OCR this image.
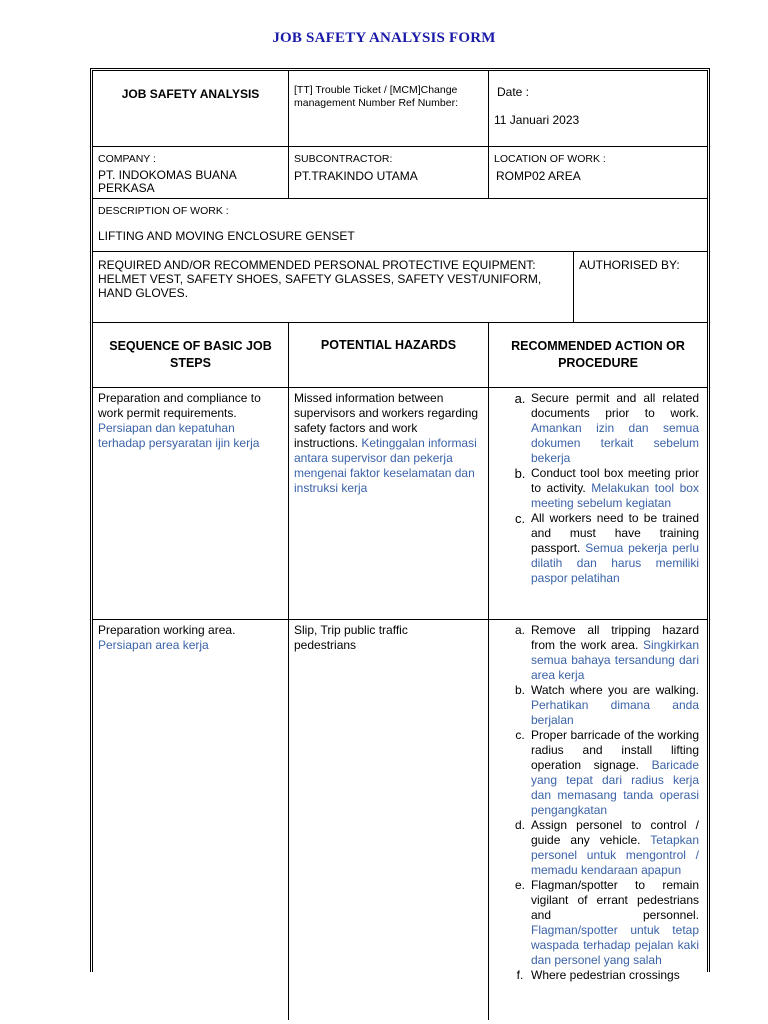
JOB SAFETY ANALYSIS FORM
JOB SAFETY ANALYSIS	[TT] Trouble Ticket / [MCM]Change management Number Ref Number:
Date :
11 Januari 2023
COMPANY :
PT. INDOKOMAS BUANA PERKASA
SUBCONTRACTOR:
PT.TRAKINDO UTAMA
LOCATION OF WORK :
ROMP02 AREA
DESCRIPTION OF WORK :
LIFTING AND MOVING ENCLOSURE GENSET
REQUIRED AND/OR RECOMMENDED PERSONAL PROTECTIVE EQUIPMENT: HELMET VEST, SAFETY SHOES, SAFETY GLASSES, SAFETY VEST/UNIFORM, HAND GLOVES.
AUTHORISED BY:
SEQUENCE OF BASIC JOB STEPS
POTENTIAL HAZARDS	RECOMMENDED ACTION OR PROCEDURE
Preparation and compliance to work permit requirements. Persiapan dan kepatuhan terhadap persyaratan ijin kerja
Missed information between supervisors and workers regarding safety factors and work instructions. Ketinggalan informasi antara supervisor dan pekerja mengenai faktor keselamatan dan instruksi kerja
a. Secure permit and all related documents prior to work. Amankan izin dan semua dokumen terkait sebelum bekerja
b. Conduct tool box meeting prior to activity. Melakukan tool box meeting sebelum kegiatan
c. All workers need to be trained and must have training passport. Semua pekerja perlu dilatih dan harus memiliki paspor pelatihan
Preparation working area.
Persiapan area kerja
Slip, Trip public traffic pedestrians
a. Remove all tripping hazard from the work area. Singkirkan semua bahaya tersandung dari area kerja
b. Watch where you are walking. Perhatikan dimana anda berjalan
c. Proper barricade of the working radius and install lifting operation signage. Baricade yang tepat dari radius kerja dan memasang tanda operasi pengangkatan
d. Assign personel to control / guide any vehicle. Tetapkan personel untuk mengontrol / memadu kendaraan apapun
e. Flagman/spotter to remain vigilant of errant pedestrians and personnel. Flagman/spotter untuk tetap waspada terhadap pejalan kaki dan personel yang salah
f. Where pedestrian crossings
